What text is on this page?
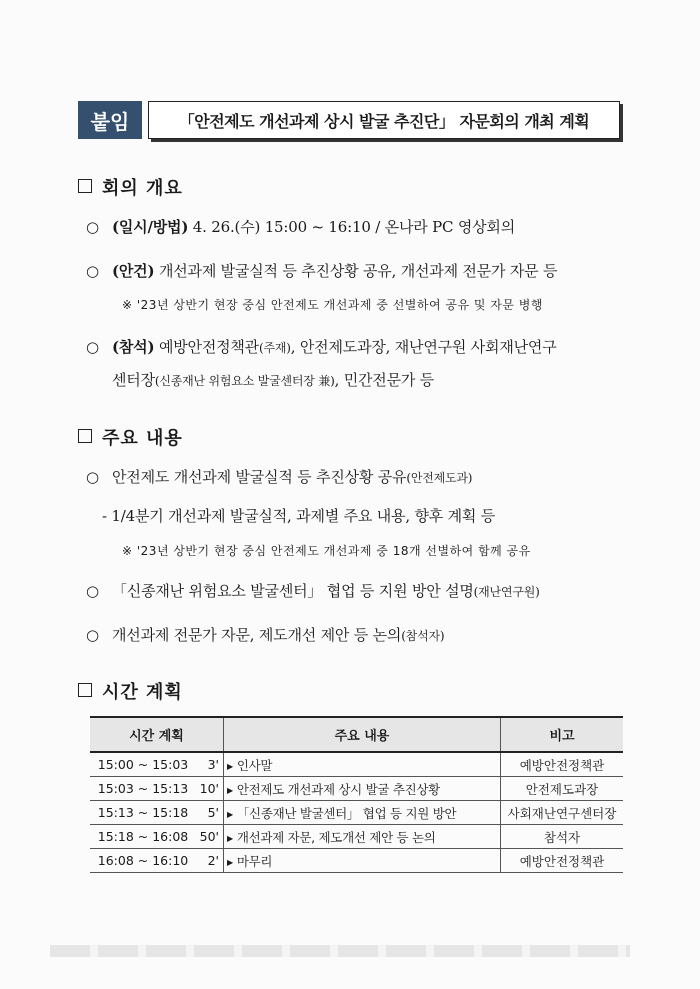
붙임	「안전제도 개선과제 상시 발굴 추진단」 자문회의 개최 계획
회의 개요
○ (일시/방법) 4. 26.(수) 15:00 ~ 16:10 / 온나라 PC 영상회의
○ (안건) 개선과제 발굴실적 등 추진상황 공유, 개선과제 전문가 자문 등
※ '23년 상반기 현장 중심 안전제도 개선과제 중 선별하여 공유 및 자문 병행
○ (참석) 예방안전정책관(주재), 안전제도과장, 재난연구원 사회재난연구
센터장(신종재난 위험요소 발굴센터장 兼), 민간전문가 등
주요 내용
○ 안전제도 개선과제 발굴실적 등 추진상황 공유(안전제도과)
- 1/4분기 개선과제 발굴실적, 과제별 주요 내용, 향후 계획 등
※ '23년 상반기 현장 중심 안전제도 개선과제 중 18개 선별하여 함께 공유
○ 「신종재난 위험요소 발굴센터」 협업 등 지원 방안 설명(재난연구원)
○ 개선과제 전문가 자문, 제도개선 제안 등 논의(참석자)
시간 계획
시간 계획		주요 내용	비고
15:00 ~ 15:03	3'	▶ 인사말	예방안전정책관
15:03 ~ 15:13	10'	▶ 안전제도 개선과제 상시 발굴 추진상황	안전제도과장
15:13 ~ 15:18	5'	▶ 「신종재난 발굴센터」 협업 등 지원 방안	사회재난연구센터장
15:18 ~ 16:08	50'	▶ 개선과제 자문, 제도개선 제안 등 논의	참석자
16:08 ~ 16:10	2'	▶ 마무리	예방안전정책관
